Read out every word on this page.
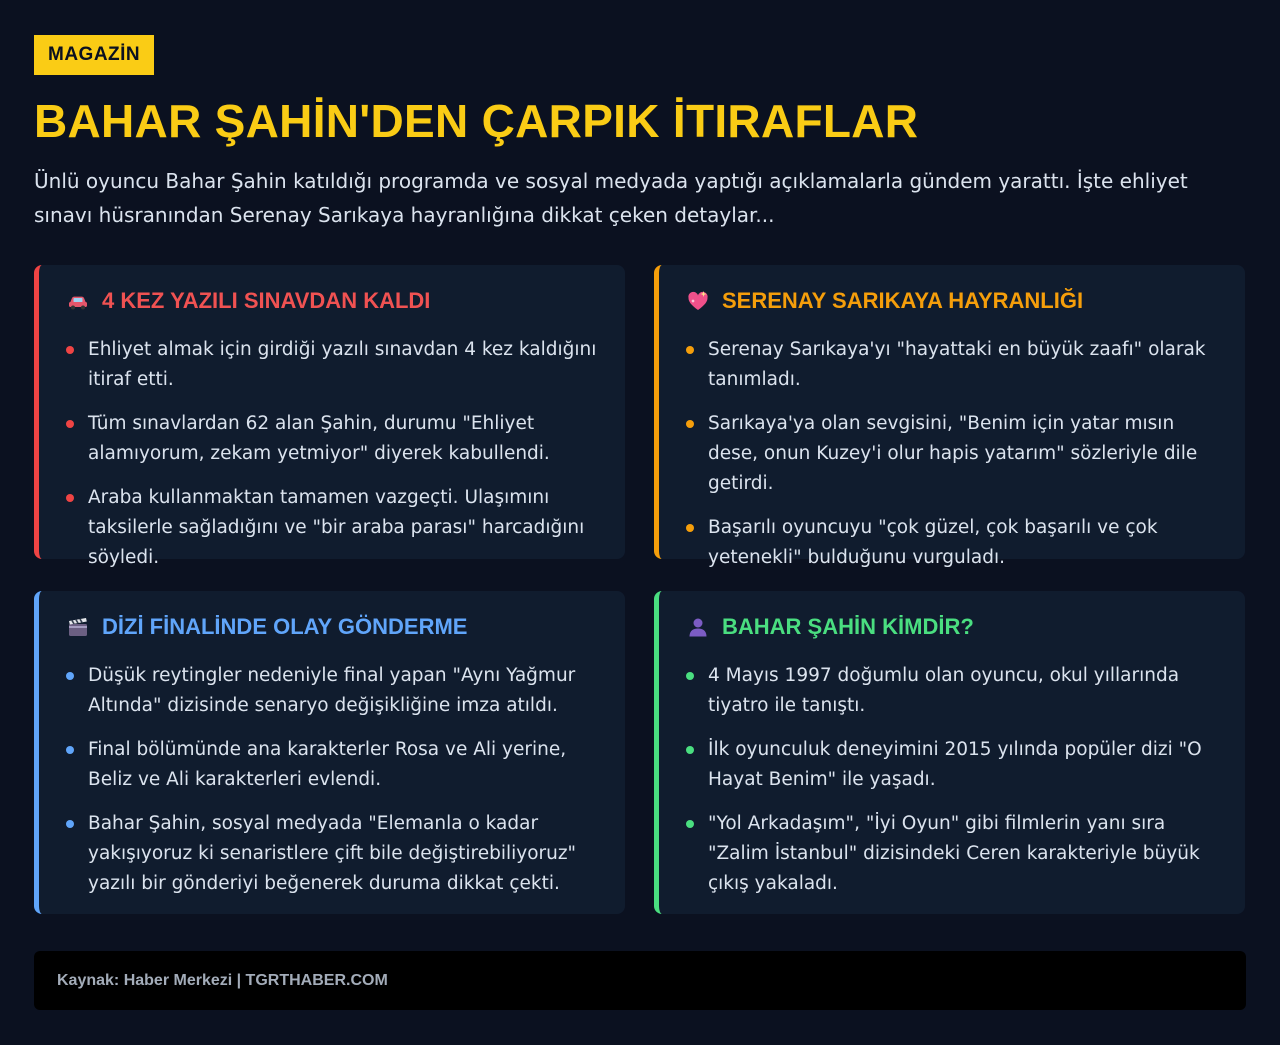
MAGAZİN
BAHAR ŞAHİN'DEN ÇARPIK İTIRAFLAR

Ünlü oyuncu Bahar Şahin katıldığı programda ve sosyal medyada yaptığı açıklamalarla gündem yarattı. İşte ehliyet sınavı hüsranından Serenay Sarıkaya hayranlığına dikkat çeken detaylar...

4 KEZ YAZILI SINAVDAN KALDI
Ehliyet almak için girdiği yazılı sınavdan 4 kez kaldığını itiraf etti.
Tüm sınavlardan 62 alan Şahin, durumu "Ehliyet alamıyorum, zekam yetmiyor" diyerek kabullendi.
Araba kullanmaktan tamamen vazgeçti. Ulaşımını taksilerle sağladığını ve "bir araba parası" harcadığını söyledi.
SERENAY SARIKAYA HAYRANLIĞI
Serenay Sarıkaya'yı "hayattaki en büyük zaafı" olarak tanımladı.
Sarıkaya'ya olan sevgisini, "Benim için yatar mısın dese, onun Kuzey'i olur hapis yatarım" sözleriyle dile getirdi.
Başarılı oyuncuyu "çok güzel, çok başarılı ve çok yetenekli" bulduğunu vurguladı.
DİZİ FİNALİNDE OLAY GÖNDERME
Düşük reytingler nedeniyle final yapan "Aynı Yağmur Altında" dizisinde senaryo değişikliğine imza atıldı.
Final bölümünde ana karakterler Rosa ve Ali yerine, Beliz ve Ali karakterleri evlendi.
Bahar Şahin, sosyal medyada "Elemanla o kadar yakışıyoruz ki senaristlere çift bile değiştirebiliyoruz" yazılı bir gönderiyi beğenerek duruma dikkat çekti.
BAHAR ŞAHİN KİMDİR?
4 Mayıs 1997 doğumlu olan oyuncu, okul yıllarında tiyatro ile tanıştı.
İlk oyunculuk deneyimini 2015 yılında popüler dizi "O Hayat Benim" ile yaşadı.
"Yol Arkadaşım", "İyi Oyun" gibi filmlerin yanı sıra "Zalim İstanbul" dizisindeki Ceren karakteriyle büyük çıkış yakaladı.
Kaynak: Haber Merkezi | TGRTHABER.COM
